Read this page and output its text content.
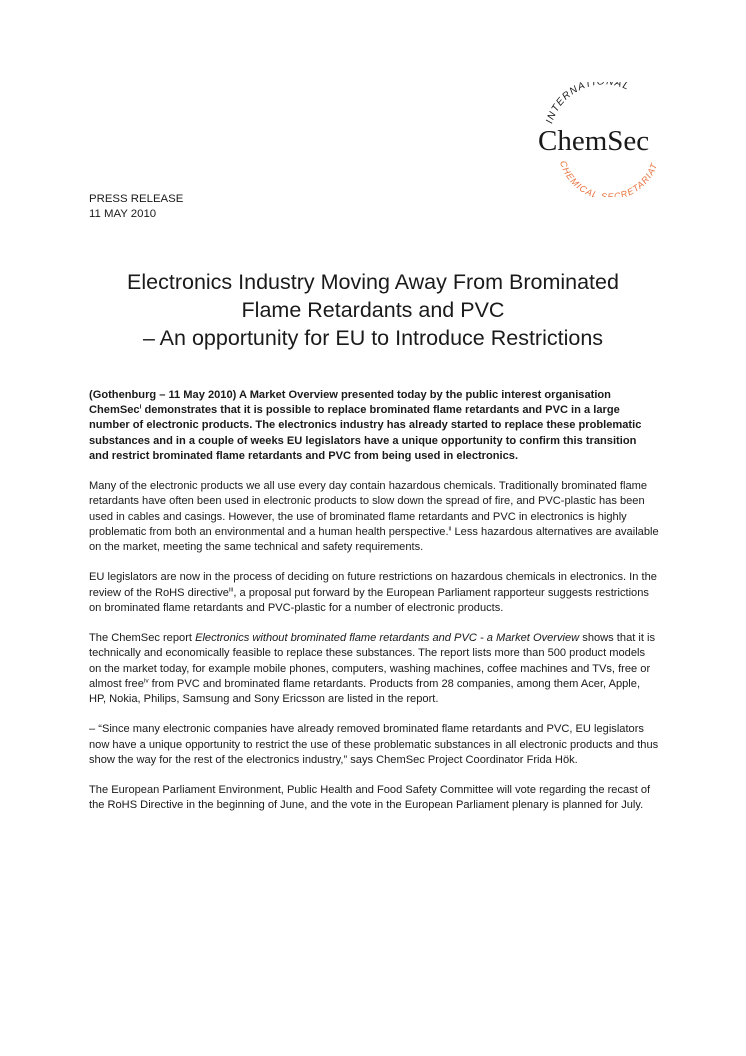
INTERNATI NAL
ChemSec
CHEMICAL SECRETARIAT
PRESS RELEASE
11 MAY 2010
Electronics Industry Moving Away From Brominated
Flame Retardants and PVC
– An opportunity for EU to Introduce Restrictions

(Gothenburg – 11 May 2010) A Market Overview presented today by the public interest organisation ChemSec$^i$ demonstrates that it is possible to replace brominated flame retardants and PVC in a large number of electronic products. The electronics industry has already started to replace these problematic substances and in a couple of weeks EU legislators have a unique opportunity to confirm this transition and restrict brominated flame retardants and PVC from being used in electronics.

Many of the electronic products we all use every day contain hazardous chemicals. Traditionally brominated flame retardants have often been used in electronic products to slow down the spread of fire, and PVC-plastic has been used in cables and casings. However, the use of brominated flame retardants and PVC in electronics is highly problematic from both an environmental and a human health perspective.$^{ii}$ Less hazardous alternatives are available on the market, meeting the same technical and safety requirements.

EU legislators are now in the process of deciding on future restrictions on hazardous chemicals in electronics. In the review of the RoHS directive$^{iii}$, a proposal put forward by the European Parliament rapporteur suggests restrictions on brominated flame retardants and PVC-plastic for a number of electronic products.

The ChemSec report Electronics without brominated flame retardants and PVC - a Market Overview shows that it is technically and economically feasible to replace these substances. The report lists more than 500 product models on the market today, for example mobile phones, computers, washing machines, coffee machines and TVs, free or almost free$^{iv}$ from PVC and brominated flame retardants. Products from 28 companies, among them Acer, Apple, HP, Nokia, Philips, Samsung and Sony Ericsson are listed in the report.

– “Since many electronic companies have already removed brominated flame retardants and PVC, EU legislators now have a unique opportunity to restrict the use of these problematic substances in all electronic products and thus show the way for the rest of the electronics industry,” says ChemSec Project Coordinator Frida Hök.

The European Parliament Environment, Public Health and Food Safety Committee will vote regarding the recast of the RoHS Directive in the beginning of June, and the vote in the European Parliament plenary is planned for July.
